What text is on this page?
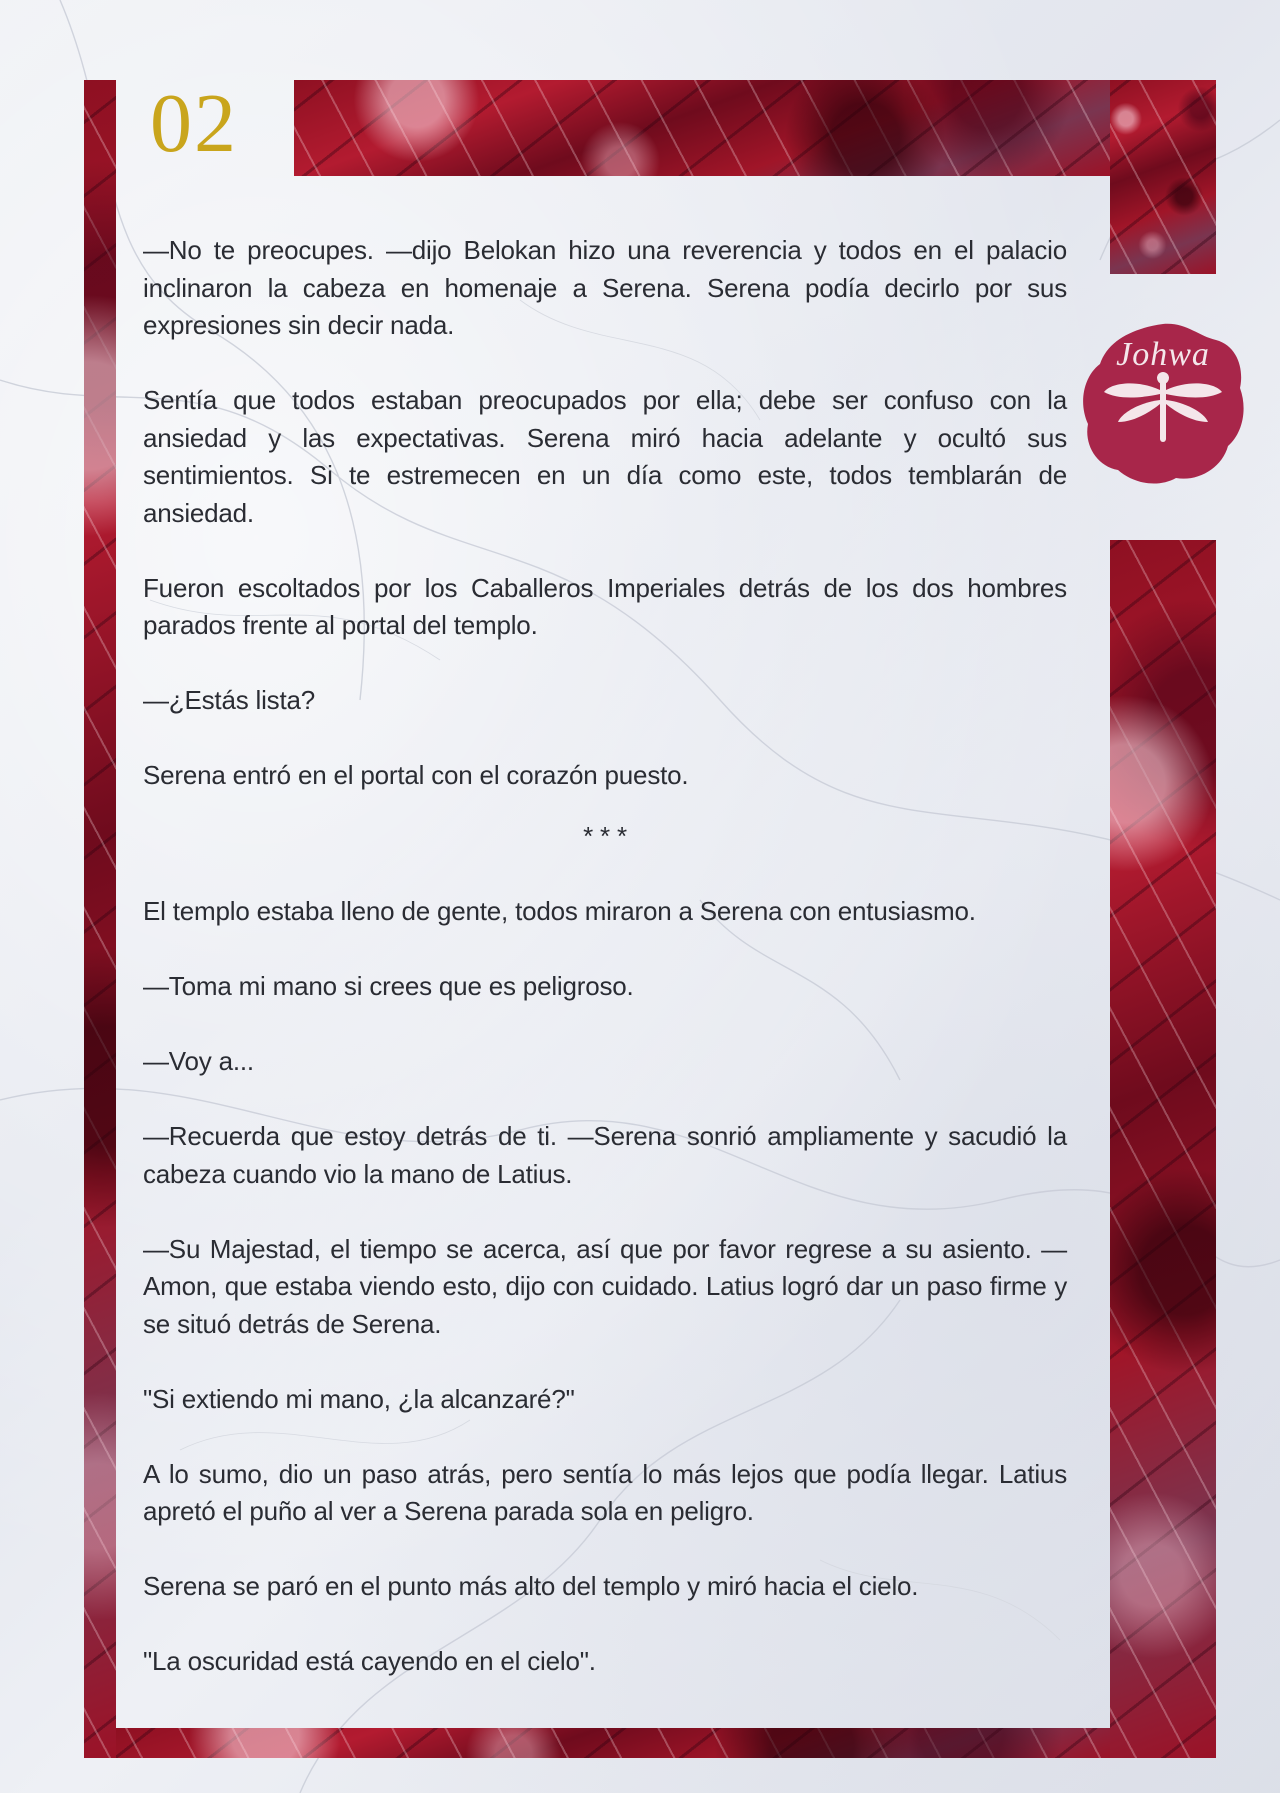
02
Johwa

—No te preocupes. —dijo Belokan hizo una reverencia y todos en el palacio inclinaron la cabeza en homenaje a Serena. Serena podía decirlo por sus expresiones sin decir nada.

Sentía que todos estaban preocupados por ella; debe ser confuso con la ansiedad y las expectativas. Serena miró hacia adelante y ocultó sus sentimientos. Si te estremecen en un día como este, todos temblarán de ansiedad.

Fueron escoltados por los Caballeros Imperiales detrás de los dos hombres parados frente al portal del templo.

—¿Estás lista?

Serena entró en el portal con el corazón puesto.

* * *

El templo estaba lleno de gente, todos miraron a Serena con entusiasmo.

—Toma mi mano si crees que es peligroso.

—Voy a...

—Recuerda que estoy detrás de ti. —Serena sonrió ampliamente y sacudió la cabeza cuando vio la mano de Latius.

—Su Majestad, el tiempo se acerca, así que por favor regrese a su asiento. —Amon, que estaba viendo esto, dijo con cuidado. Latius logró dar un paso firme y se situó detrás de Serena.

"Si extiendo mi mano, ¿la alcanzaré?"

A lo sumo, dio un paso atrás, pero sentía lo más lejos que podía llegar. Latius apretó el puño al ver a Serena parada sola en peligro.

Serena se paró en el punto más alto del templo y miró hacia el cielo.

"La oscuridad está cayendo en el cielo".
